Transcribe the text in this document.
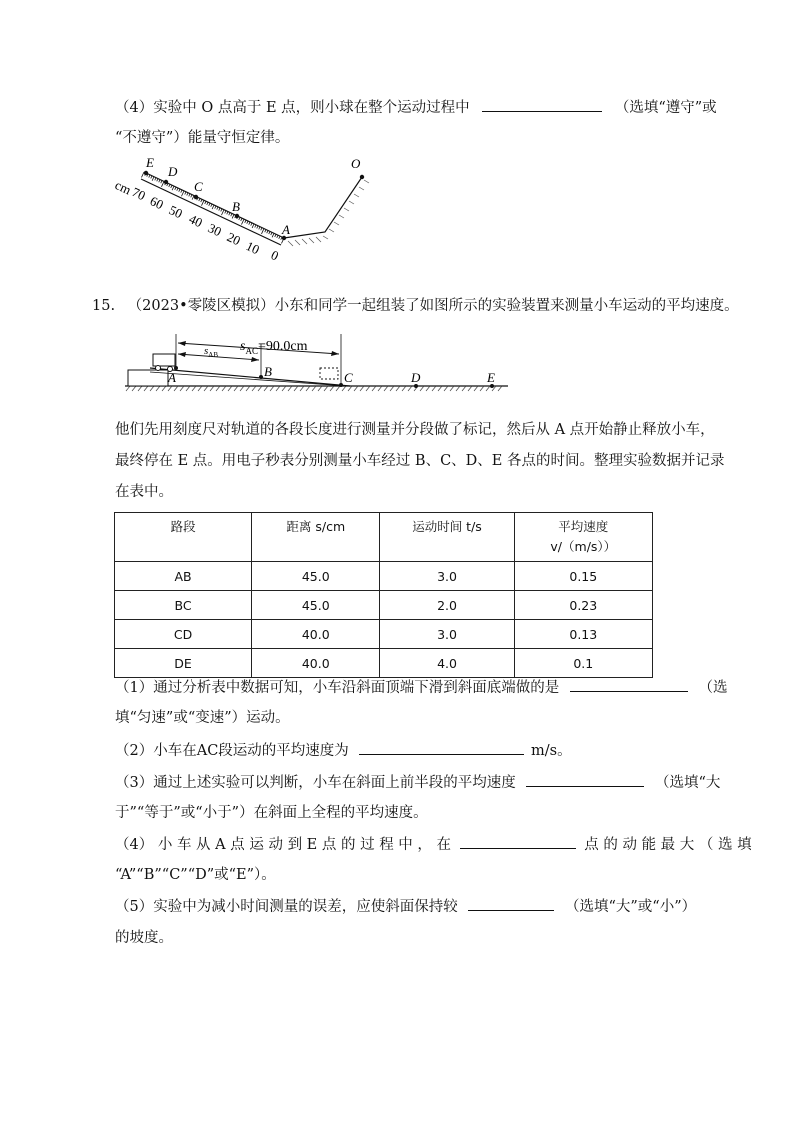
（4）实验中 O 点高于 E 点，则小球在整个运动过程中	（选填“遵守”或
“不遵守”）能量守恒定律。
E
D
C
B
A
O
cm
70 60 50 40 30 20 10 0
15. （2023•零陵区模拟）小东和同学一起组装了如图所示的实验装置来测量小车运动的平均速度。
$s_{AC}=90.0cm$
$s_{AB}$
A	B	C	D	E
他们先用刻度尺对轨道的各段长度进行测量并分段做了标记，然后从 A 点开始静止释放小车，
最终停在 E 点。用电子秒表分别测量小车经过 B、C、D、E 各点的时间。整理实验数据并记录
在表中。
路段	距离 s/cm	运动时间 t/s	平均速度
v/（m/s））

AB	45.0	3.0	0.15
BC	45.0	2.0	0.23
CD	40.0	3.0	0.13
DE	40.0	4.0	0.1
（1）通过分析表中数据可知，小车沿斜面顶端下滑到斜面底端做的是	（选
填“匀速”或“变速”）运动。
（2）小车在AC段运动的平均速度为	m/s。
（3）通过上述实验可以判断，小车在斜面上前半段的平均速度	（选填“大
于”“等于”或“小于”）在斜面上全程的平均速度。
（4） 小 车 从 A 点 运 动 到 E 点 的 过 程 中 ， 在	点 的 动 能 最 大 （ 选 填
“A”“B”“C”“D”或“E”）。
（5）实验中为减小时间测量的误差，应使斜面保持较	（选填“大”或“小”）
的坡度。
